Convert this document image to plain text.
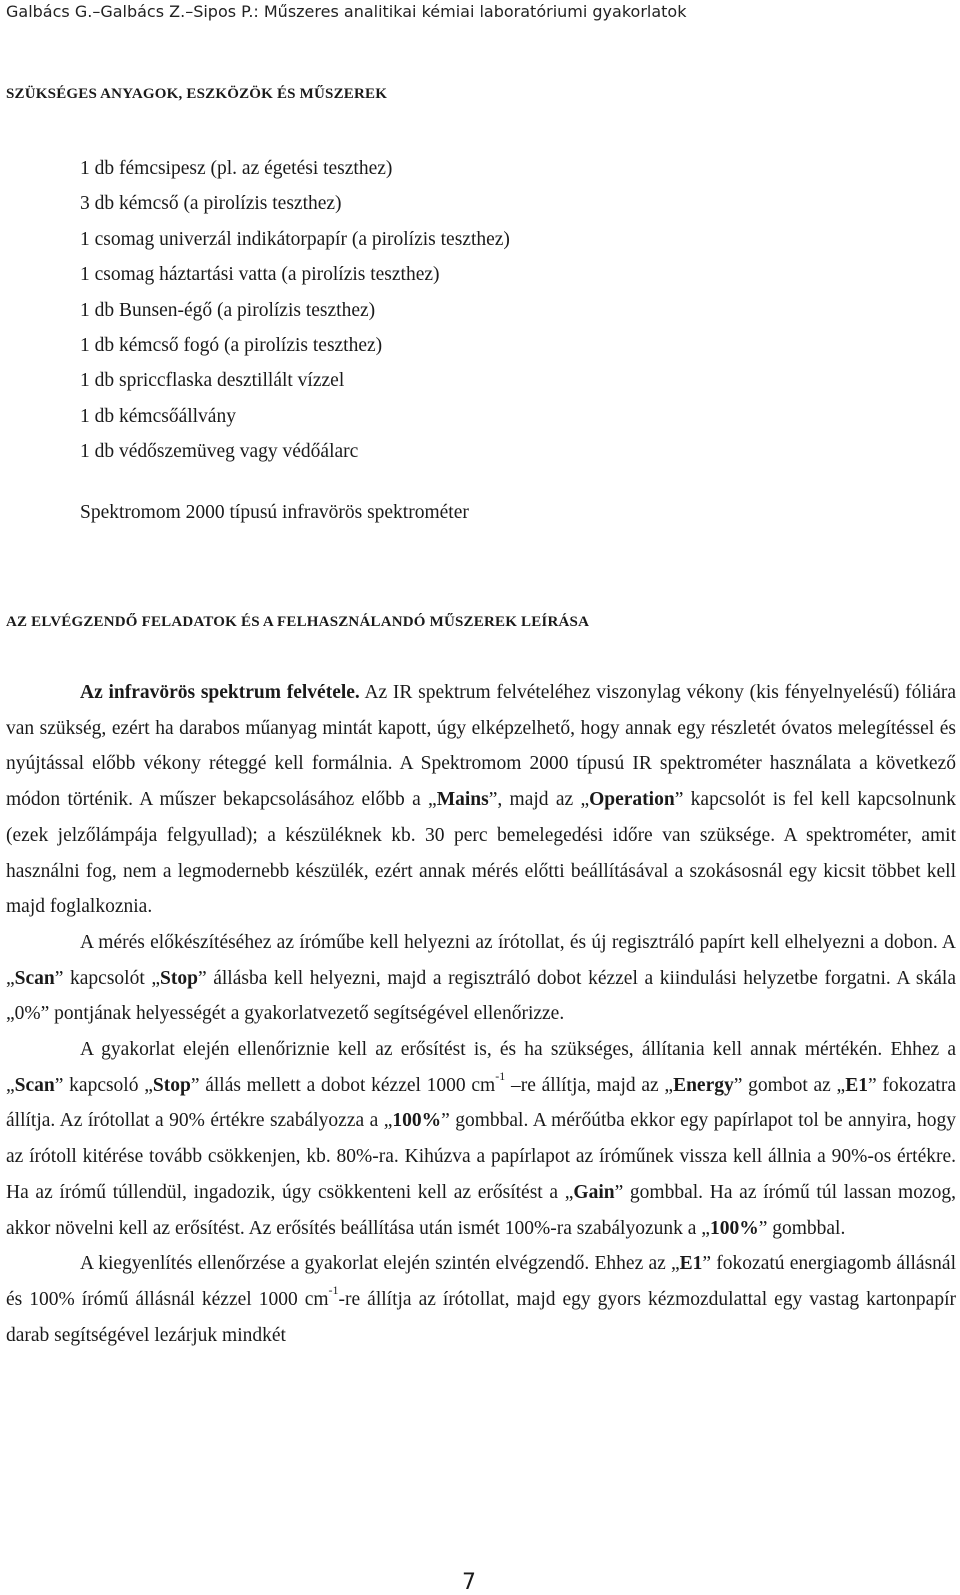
Galbács G.–Galbács Z.–Sipos P.: Műszeres analitikai kémiai laboratóriumi gyakorlatok
SZÜKSÉGES ANYAGOK, ESZKÖZÖK ÉS MŰSZEREK
1 db fémcsipesz (pl. az égetési teszthez)
3 db kémcső (a pirolízis teszthez)
1 csomag univerzál indikátorpapír (a pirolízis teszthez)
1 csomag háztartási vatta (a pirolízis teszthez)
1 db Bunsen-égő (a pirolízis teszthez)
1 db kémcső fogó (a pirolízis teszthez)
1 db spriccflaska desztillált vízzel
1 db kémcsőállvány
1 db védőszemüveg vagy védőálarc
Spektromom 2000 típusú infravörös spektrométer
AZ ELVÉGZENDŐ FELADATOK ÉS A FELHASZNÁLANDÓ MŰSZEREK LEÍRÁSA

Az infravörös spektrum felvétele. Az IR spektrum felvételéhez viszonylag vékony (kis fényelnyelésű) fóliára van szükség, ezért ha darabos műanyag mintát kapott, úgy elképzelhető, hogy annak egy részletét óvatos melegítéssel és nyújtással előbb vékony réteggé kell formálnia. A Spektromom 2000 típusú IR spektrométer használata a következő módon történik. A műszer bekapcsolásához előbb a „Mains”, majd az „Operation” kapcsolót is fel kell kapcsolnunk (ezek jelzőlámpája felgyullad); a készüléknek kb. 30 perc bemelegedési időre van szüksége. A spektrométer, amit használni fog, nem a legmodernebb készülék, ezért annak mérés előtti beállításával a szokásosnál egy kicsit többet kell majd foglalkoznia.

A mérés előkészítéséhez az íróműbe kell helyezni az írótollat, és új regisztráló papírt kell elhelyezni a dobon. A „Scan” kapcsolót „Stop” állásba kell helyezni, majd a regisztráló dobot kézzel a kiindulási helyzetbe forgatni. A skála „0%” pontjának helyességét a gyakorlatvezető segítségével ellenőrizze.

A gyakorlat elején ellenőriznie kell az erősítést is, és ha szükséges, állítania kell annak mértékén. Ehhez a „Scan” kapcsoló „Stop” állás mellett a dobot kézzel 1000 $cm^{-1}$ –re állítja, majd az „Energy” gombot az „E1” fokozatra állítja. Az írótollat a 90% értékre szabályozza a „100%” gombbal. A mérőútba ekkor egy papírlapot tol be annyira, hogy az írótoll kitérése tovább csökkenjen, kb. 80%-ra. Kihúzva a papírlapot az íróműnek vissza kell állnia a 90%-os értékre. Ha az írómű túllendül, ingadozik, úgy csökkenteni kell az erősítést a „Gain” gombbal. Ha az írómű túl lassan mozog, akkor növelni kell az erősítést. Az erősítés beállítása után ismét 100%-ra szabályozunk a „100%” gombbal.

A kiegyenlítés ellenőrzése a gyakorlat elején szintén elvégzendő. Ehhez az „E1” fokozatú energiagomb állásnál és 100% írómű állásnál kézzel 1000 $cm^{-1}-re$ állítja az írótollat, majd egy gyors kézmozdulattal egy vastag kartonpapír darab segítségével lezárjuk mindkét

7
